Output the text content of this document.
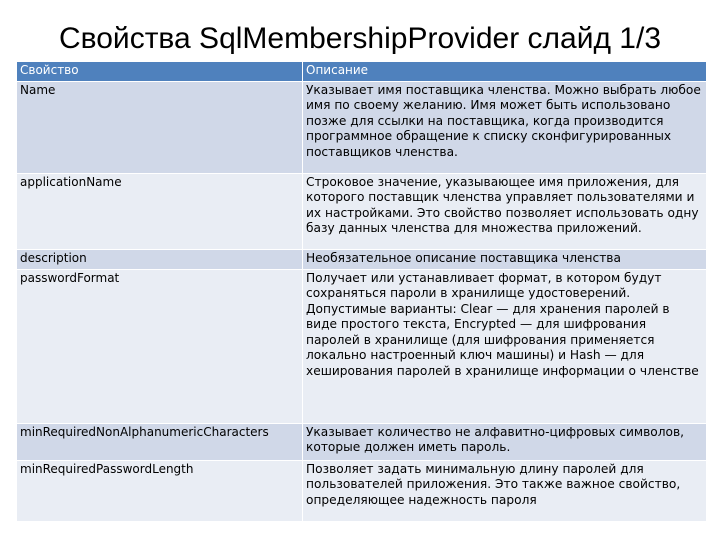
Свойства SqlMembershipProvider слайд 1/3
Свойство	Описание
Name	Указывает имя поставщика членства. Можно выбрать любое имя по своему желанию. Имя может быть использовано позже для ссылки на поставщика, когда производится программное обращение к списку сконфигурированных поставщиков членства.
applicationName	Строковое значение, указывающее имя приложения, для которого поставщик членства управляет пользователями и их настройками. Это свойство позволяет использовать одну базу данных членства для множества приложений.
description	Необязательное описание поставщика членства
passwordFormat	Получает или устанавливает формат, в котором будут сохраняться пароли в хранилище удостоверений. Допустимые варианты: Clear — для хранения паролей в виде простого текста, Encrypted — для шифрования паролей в хранилище (для шифрования применяется локально настроенный ключ машины) и Hash — для хеширования паролей в хранилище информации о членстве
minRequiredNonAlphanumericCharacters	Указывает количество не алфавитно-цифровых символов, которые должен иметь пароль.
minRequiredPasswordLength	Позволяет задать минимальную длину паролей для пользователей приложения. Это также важное свойство, определяющее надежность пароля
